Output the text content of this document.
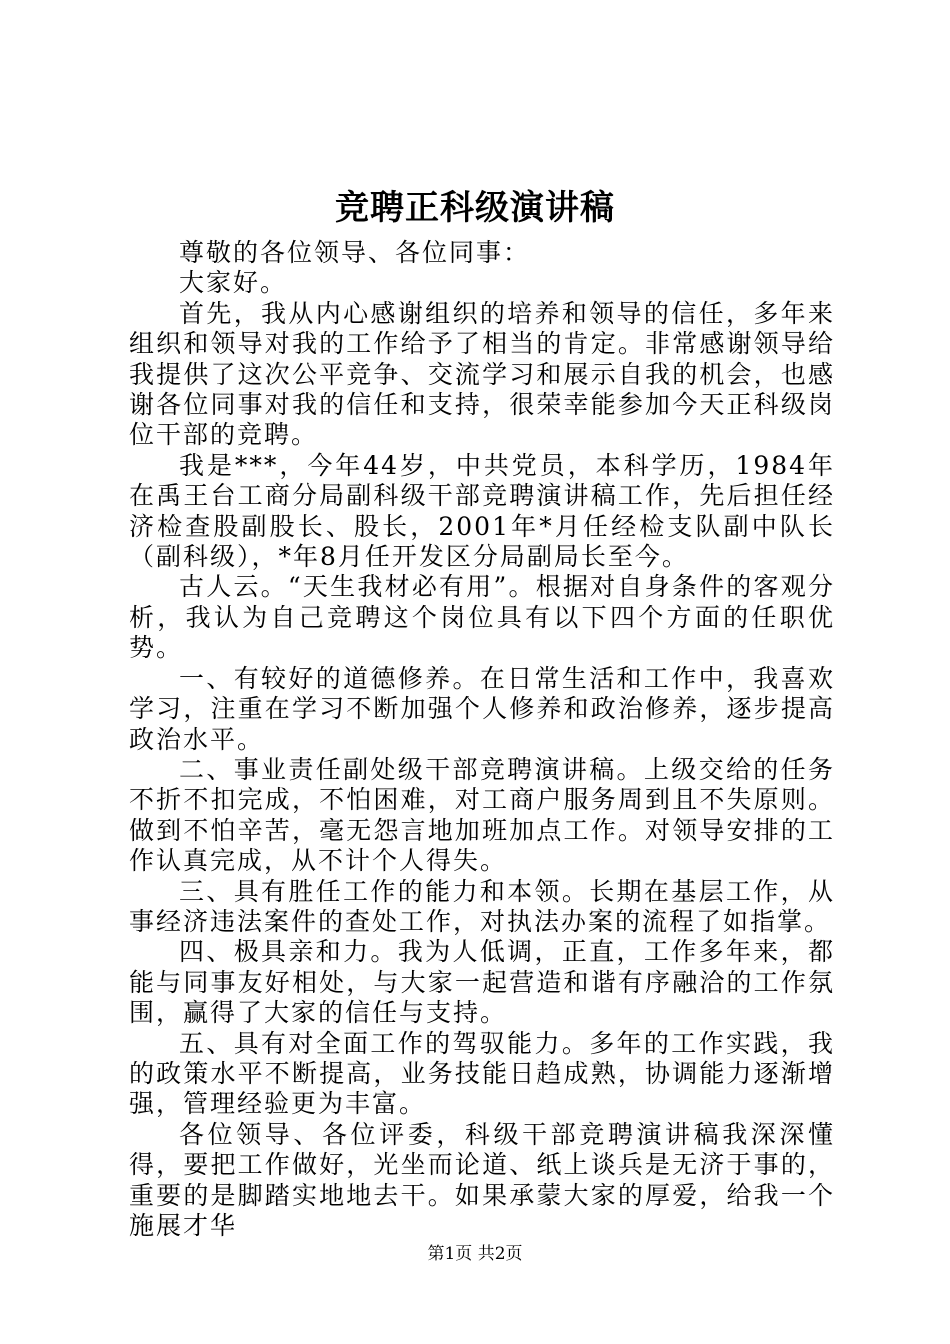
竞聘正科级演讲稿

尊敬的各位领导、各位同事：

大家好。

首先，我从内心感谢组织的培养和领导的信任，多年来组织和领导对我的工作给予了相当的肯定。非常感谢领导给我提供了这次公平竞争、交流学习和展示自我的机会，也感谢各位同事对我的信任和支持，很荣幸能参加今天正科级岗位干部的竞聘。

我是***，今年44岁，中共党员，本科学历，1984年在禹王台工商分局副科级干部竞聘演讲稿工作，先后担任经济检查股副股长、股长，2001年*月任经检支队副中队长（副科级），*年8月任开发区分局副局长至今。

古人云。“天生我材必有用”。根据对自身条件的客观分析，我认为自己竞聘这个岗位具有以下四个方面的任职优势。

一、有较好的道德修养。在日常生活和工作中，我喜欢学习，注重在学习不断加强个人修养和政治修养，逐步提高政治水平。

二、事业责任副处级干部竞聘演讲稿。上级交给的任务不折不扣完成，不怕困难，对工商户服务周到且不失原则。做到不怕辛苦，毫无怨言地加班加点工作。对领导安排的工作认真完成，从不计个人得失。

三、具有胜任工作的能力和本领。长期在基层工作，从事经济违法案件的查处工作，对执法办案的流程了如指掌。

四、极具亲和力。我为人低调，正直，工作多年来，都能与同事友好相处，与大家一起营造和谐有序融洽的工作氛围，赢得了大家的信任与支持。

五、具有对全面工作的驾驭能力。多年的工作实践，我的政策水平不断提高，业务技能日趋成熟，协调能力逐渐增强，管理经验更为丰富。

各位领导、各位评委，科级干部竞聘演讲稿我深深懂得，要把工作做好，光坐而论道、纸上谈兵是无济于事的，重要的是脚踏实地地去干。如果承蒙大家的厚爱，给我一个施展才华

第1页 共2页
